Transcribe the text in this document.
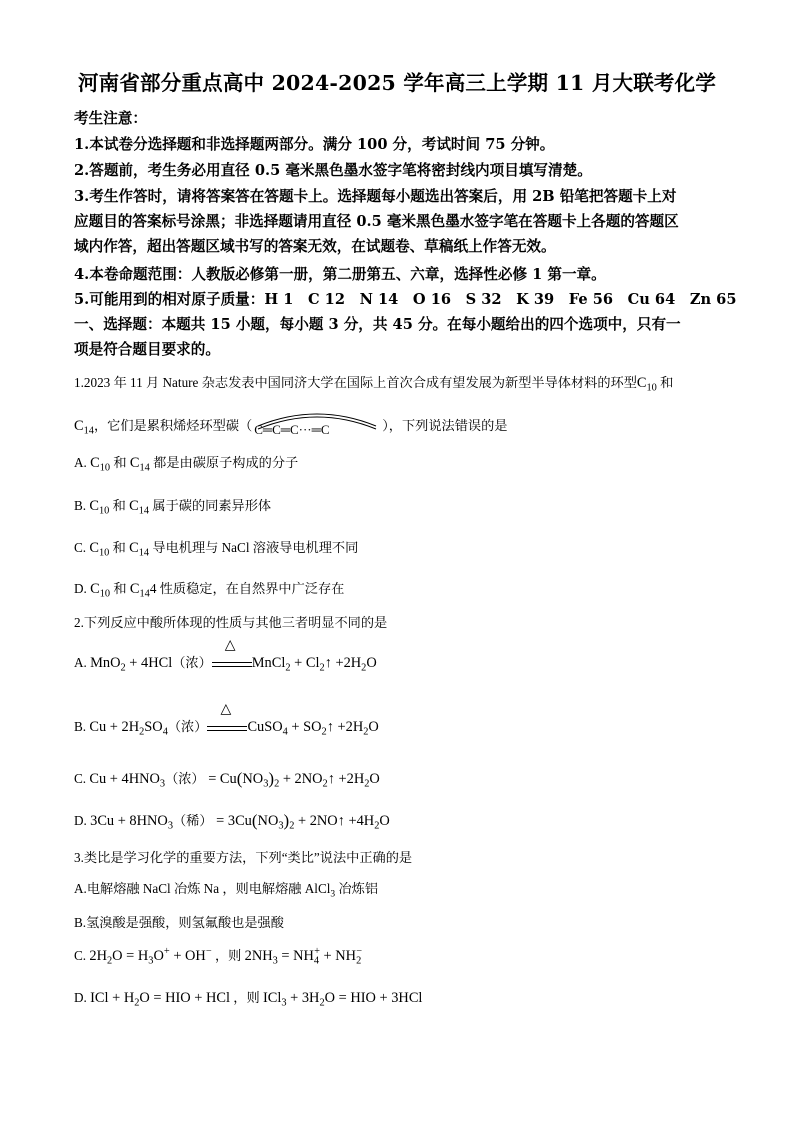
河南省部分重点高中 2024-2025 学年高三上学期 11 月大联考化学
考生注意：
1.本试卷分选择题和非选择题两部分。满分 100 分，考试时间 75 分钟。
2.答题前，考生务必用直径 0.5 毫米黑色墨水签字笔将密封线内项目填写清楚。
3.考生作答时，请将答案答在答题卡上。选择题每小题选出答案后，用 2B 铅笔把答题卡上对
应题目的答案标号涂黑；非选择题请用直径 0.5 毫米黑色墨水签字笔在答题卡上各题的答题区
域内作答，超出答题区域书写的答案无效，在试题卷、草稿纸上作答无效。
4.本卷命题范围：人教版必修第一册，第二册第五、六章，选择性必修 1 第一章。
5.可能用到的相对原子质量：H 1　C 12　N 14　O 16　S 32　K 39　Fe 56　Cu 64　Zn 65
一、选择题：本题共 15 小题，每小题 3 分，共 45 分。在每小题给出的四个选项中，只有一
项是符合题目要求的。
1.2023 年 11 月 Nature 杂志发表中国同济大学在国际上首次合成有望发展为新型半导体材料的环型$C_{10}$ 和
$C_{14}$，它们是累积烯烃环型碳（ C═C═C···═C	），下列说法错误的是
A. $C_{10}$ 和 $C_{14}$ 都是由碳原子构成的分子
B. $C_{10}$ 和 $C_{14}$ 属于碳的同素异形体
C. $C_{10}$ 和 $C_{14}$ 导电机理与 NaCl 溶液导电机理不同
D. $C_{10}$ 和 $C_{14}4$ 性质稳定，在自然界中广泛存在
2.下列反应中酸所体现的性质与其他三者明显不同的是
A. MnO$_2$ + 4HCl（浓）
△
MnCl$_2$ + $Cl_2↑ +2H_2O$
B. $Cu + 2H_2SO_4$（浓）
△
CuSO$_4$ + $SO_2↑ +2H_2O$
C. $Cu + 4HNO_3$（浓） = $Cu(NO_3)_2$ + $2NO_2↑ +2H_2O$
D. $3Cu + 8HNO_3$（稀） = $3Cu(NO_3)_2$ + 2NO↑ $+4H_2O$
3.类比是学习化学的重要方法，下列“类比”说法中正确的是
A.电解熔融 NaCl 冶炼 Na ，则电解熔融 AlCl$_3$ 冶炼铝
B.氢溴酸是强酸，则氢氟酸也是强酸
C. $2H_2O = H_3O^+ + OH^-$ ，则 $2NH_3 = NH_4^+ + NH_2^-$
D. ICl + $H_2O$ = HIO + HCl ，则 $ICl_3 + 3H_2O$ = HIO + 3HCl
